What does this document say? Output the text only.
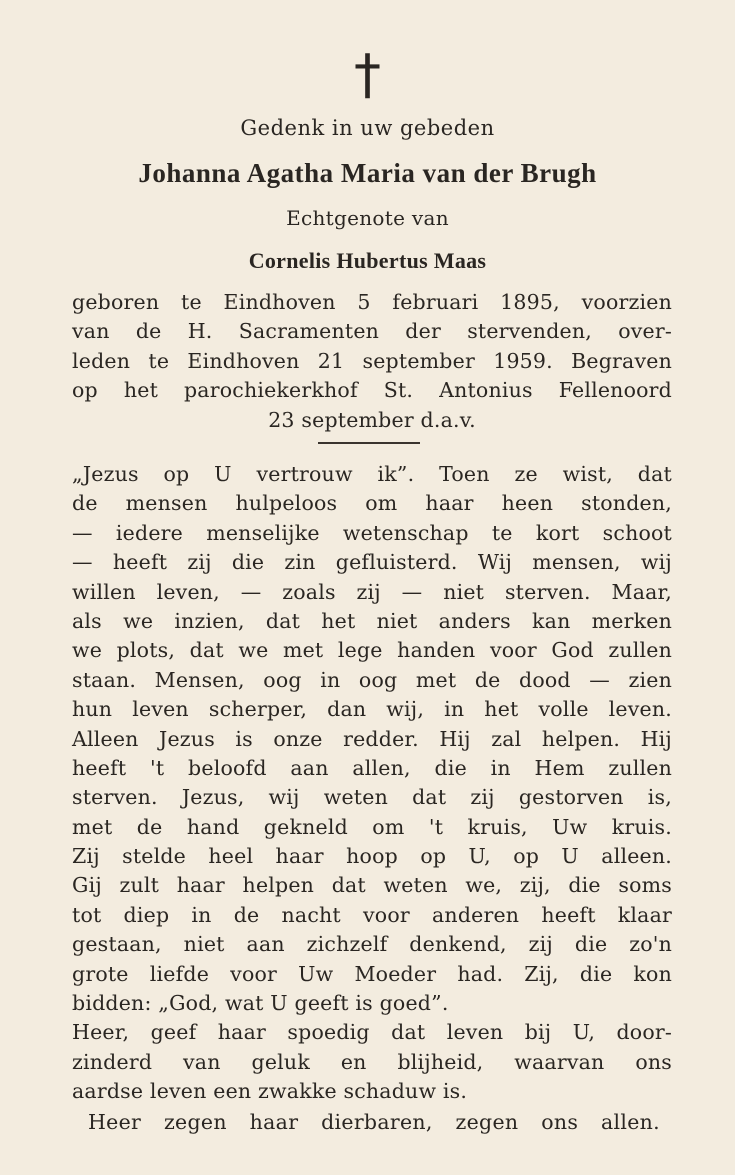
†
Gedenk in uw gebeden
Johanna Agatha Maria van der Brugh
Echtgenote van
Cornelis Hubertus Maas
geboren te Eindhoven 5 februari 1895, voorzien
van de H. Sacramenten der stervenden, over-
leden te Eindhoven 21 september 1959. Begraven
op het parochiekerkhof St. Antonius Fellenoord
23 september d.a.v.
„Jezus op U vertrouw ik”. Toen ze wist, dat
de mensen hulpeloos om haar heen stonden,
— iedere menselijke wetenschap te kort schoot
— heeft zij die zin gefluisterd. Wij mensen, wij
willen leven, — zoals zij — niet sterven. Maar,
als we inzien, dat het niet anders kan merken
we plots, dat we met lege handen voor God zullen
staan. Mensen, oog in oog met de dood — zien
hun leven scherper, dan wij, in het volle leven.
Alleen Jezus is onze redder. Hij zal helpen. Hij
heeft 't beloofd aan allen, die in Hem zullen
sterven. Jezus, wij weten dat zij gestorven is,
met de hand gekneld om 't kruis, Uw kruis.
Zij stelde heel haar hoop op U, op U alleen.
Gij zult haar helpen dat weten we, zij, die soms
tot diep in de nacht voor anderen heeft klaar
gestaan, niet aan zichzelf denkend, zij die zo'n
grote liefde voor Uw Moeder had. Zij, die kon
bidden: „God, wat U geeft is goed”.
Heer, geef haar spoedig dat leven bij U, door-
zinderd van geluk en blijheid, waarvan ons
aardse leven een zwakke schaduw is.
Heer zegen haar dierbaren, zegen ons allen.
